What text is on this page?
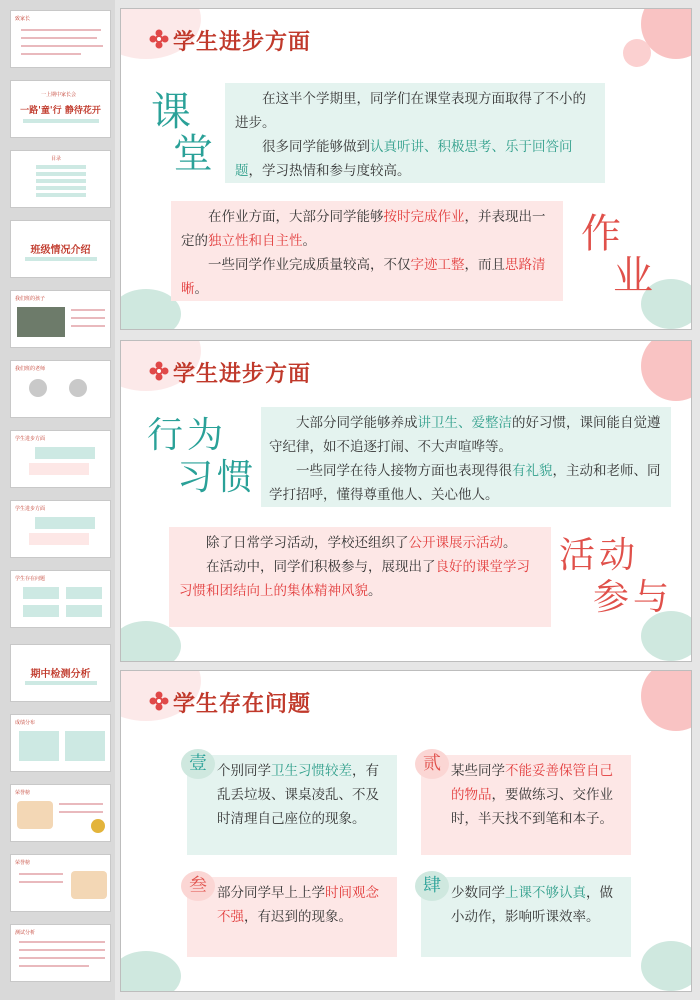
致家长
一上期中家长会
一路'童'行 静待花开
目录
班级情况介绍
我们班的孩子
我们班的老师
学生进步方面
学生进步方面
学生存在问题
期中检测分析
成绩分布
荣誉榜
荣誉榜
测试分析
学生进步方面
课
堂

在这半个学期里，同学们在课堂表现方面取得了不小的进步。

很多同学能够做到认真听讲、积极思考、乐于回答问题，学习热情和参与度较高。

在作业方面，大部分同学能够按时完成作业，并表现出一定的独立性和自主性。

一些同学作业完成质量较高，不仅字迹工整，而且思路清晰。

作
业
学生进步方面
行为
习惯

大部分同学能够养成讲卫生、爱整洁的好习惯，课间能自觉遵守纪律，如不追逐打闹、不大声喧哗等。

一些同学在待人接物方面也表现得很有礼貌，主动和老师、同学打招呼，懂得尊重他人、关心他人。

除了日常学习活动，学校还组织了公开课展示活动。

在活动中，同学们积极参与，展现出了良好的课堂学习习惯和团结向上的集体精神风貌。

活动
参与
学生存在问题
个别同学卫生习惯较差，有乱丢垃圾、课桌凌乱、不及时清理自己座位的现象。
壹	某些同学不能妥善保管自己的物品，要做练习、交作业时，半天找不到笔和本子。
贰
部分同学早上上学时间观念不强，有迟到的现象。
叁	少数同学上课不够认真，做小动作，影响听课效率。
肆
